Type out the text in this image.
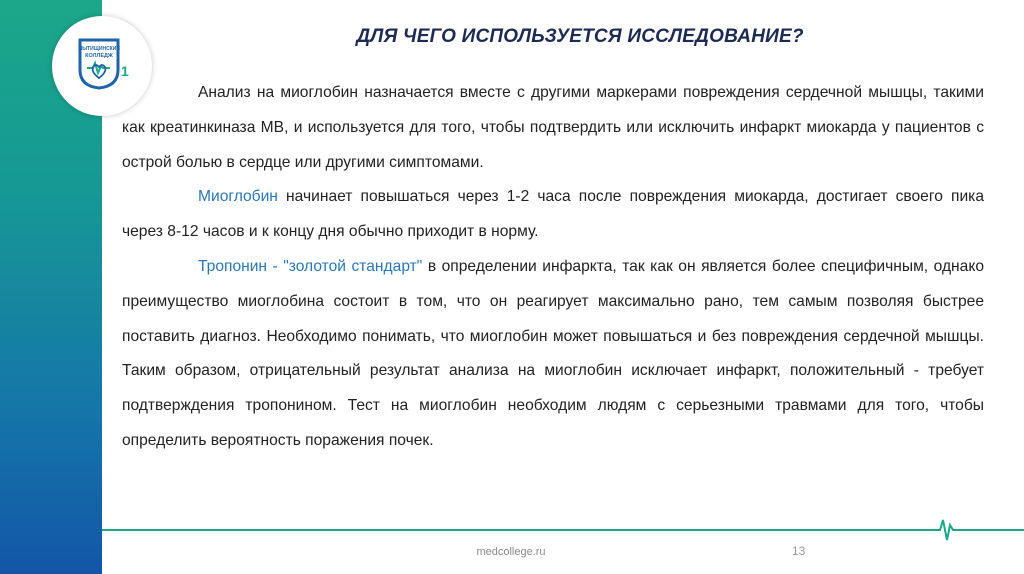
МЫТИЩИНСКИЙ
КОЛЛЕДЖ
1
ДЛЯ ЧЕГО ИСПОЛЬЗУЕТСЯ ИССЛЕДОВАНИЕ?

Анализ на миоглобин назначается вместе с другими маркерами повреждения сердечной мышцы, такими как креатинкиназа МВ, и используется для того, чтобы подтвердить или исключить инфаркт миокарда у пациентов с острой болью в сердце или другими симптомами.

Миоглобин начинает повышаться через 1-2 часа после повреждения миокарда, достигает своего пика через 8-12 часов и к концу дня обычно приходит в норму.

Тропонин - "золотой стандарт" в определении инфаркта, так как он является более специфичным, однако преимущество миоглобина состоит в том, что он реагирует максимально рано, тем самым позволяя быстрее поставить диагноз. Необходимо понимать, что миоглобин может повышаться и без повреждения сердечной мышцы. Таким образом, отрицательный результат анализа на миоглобин исключает инфаркт, положительный - требует подтверждения тропонином. Тест на миоглобин необходим людям с серьезными травмами для того, чтобы определить вероятность поражения почек.

medcollege.ru	13
